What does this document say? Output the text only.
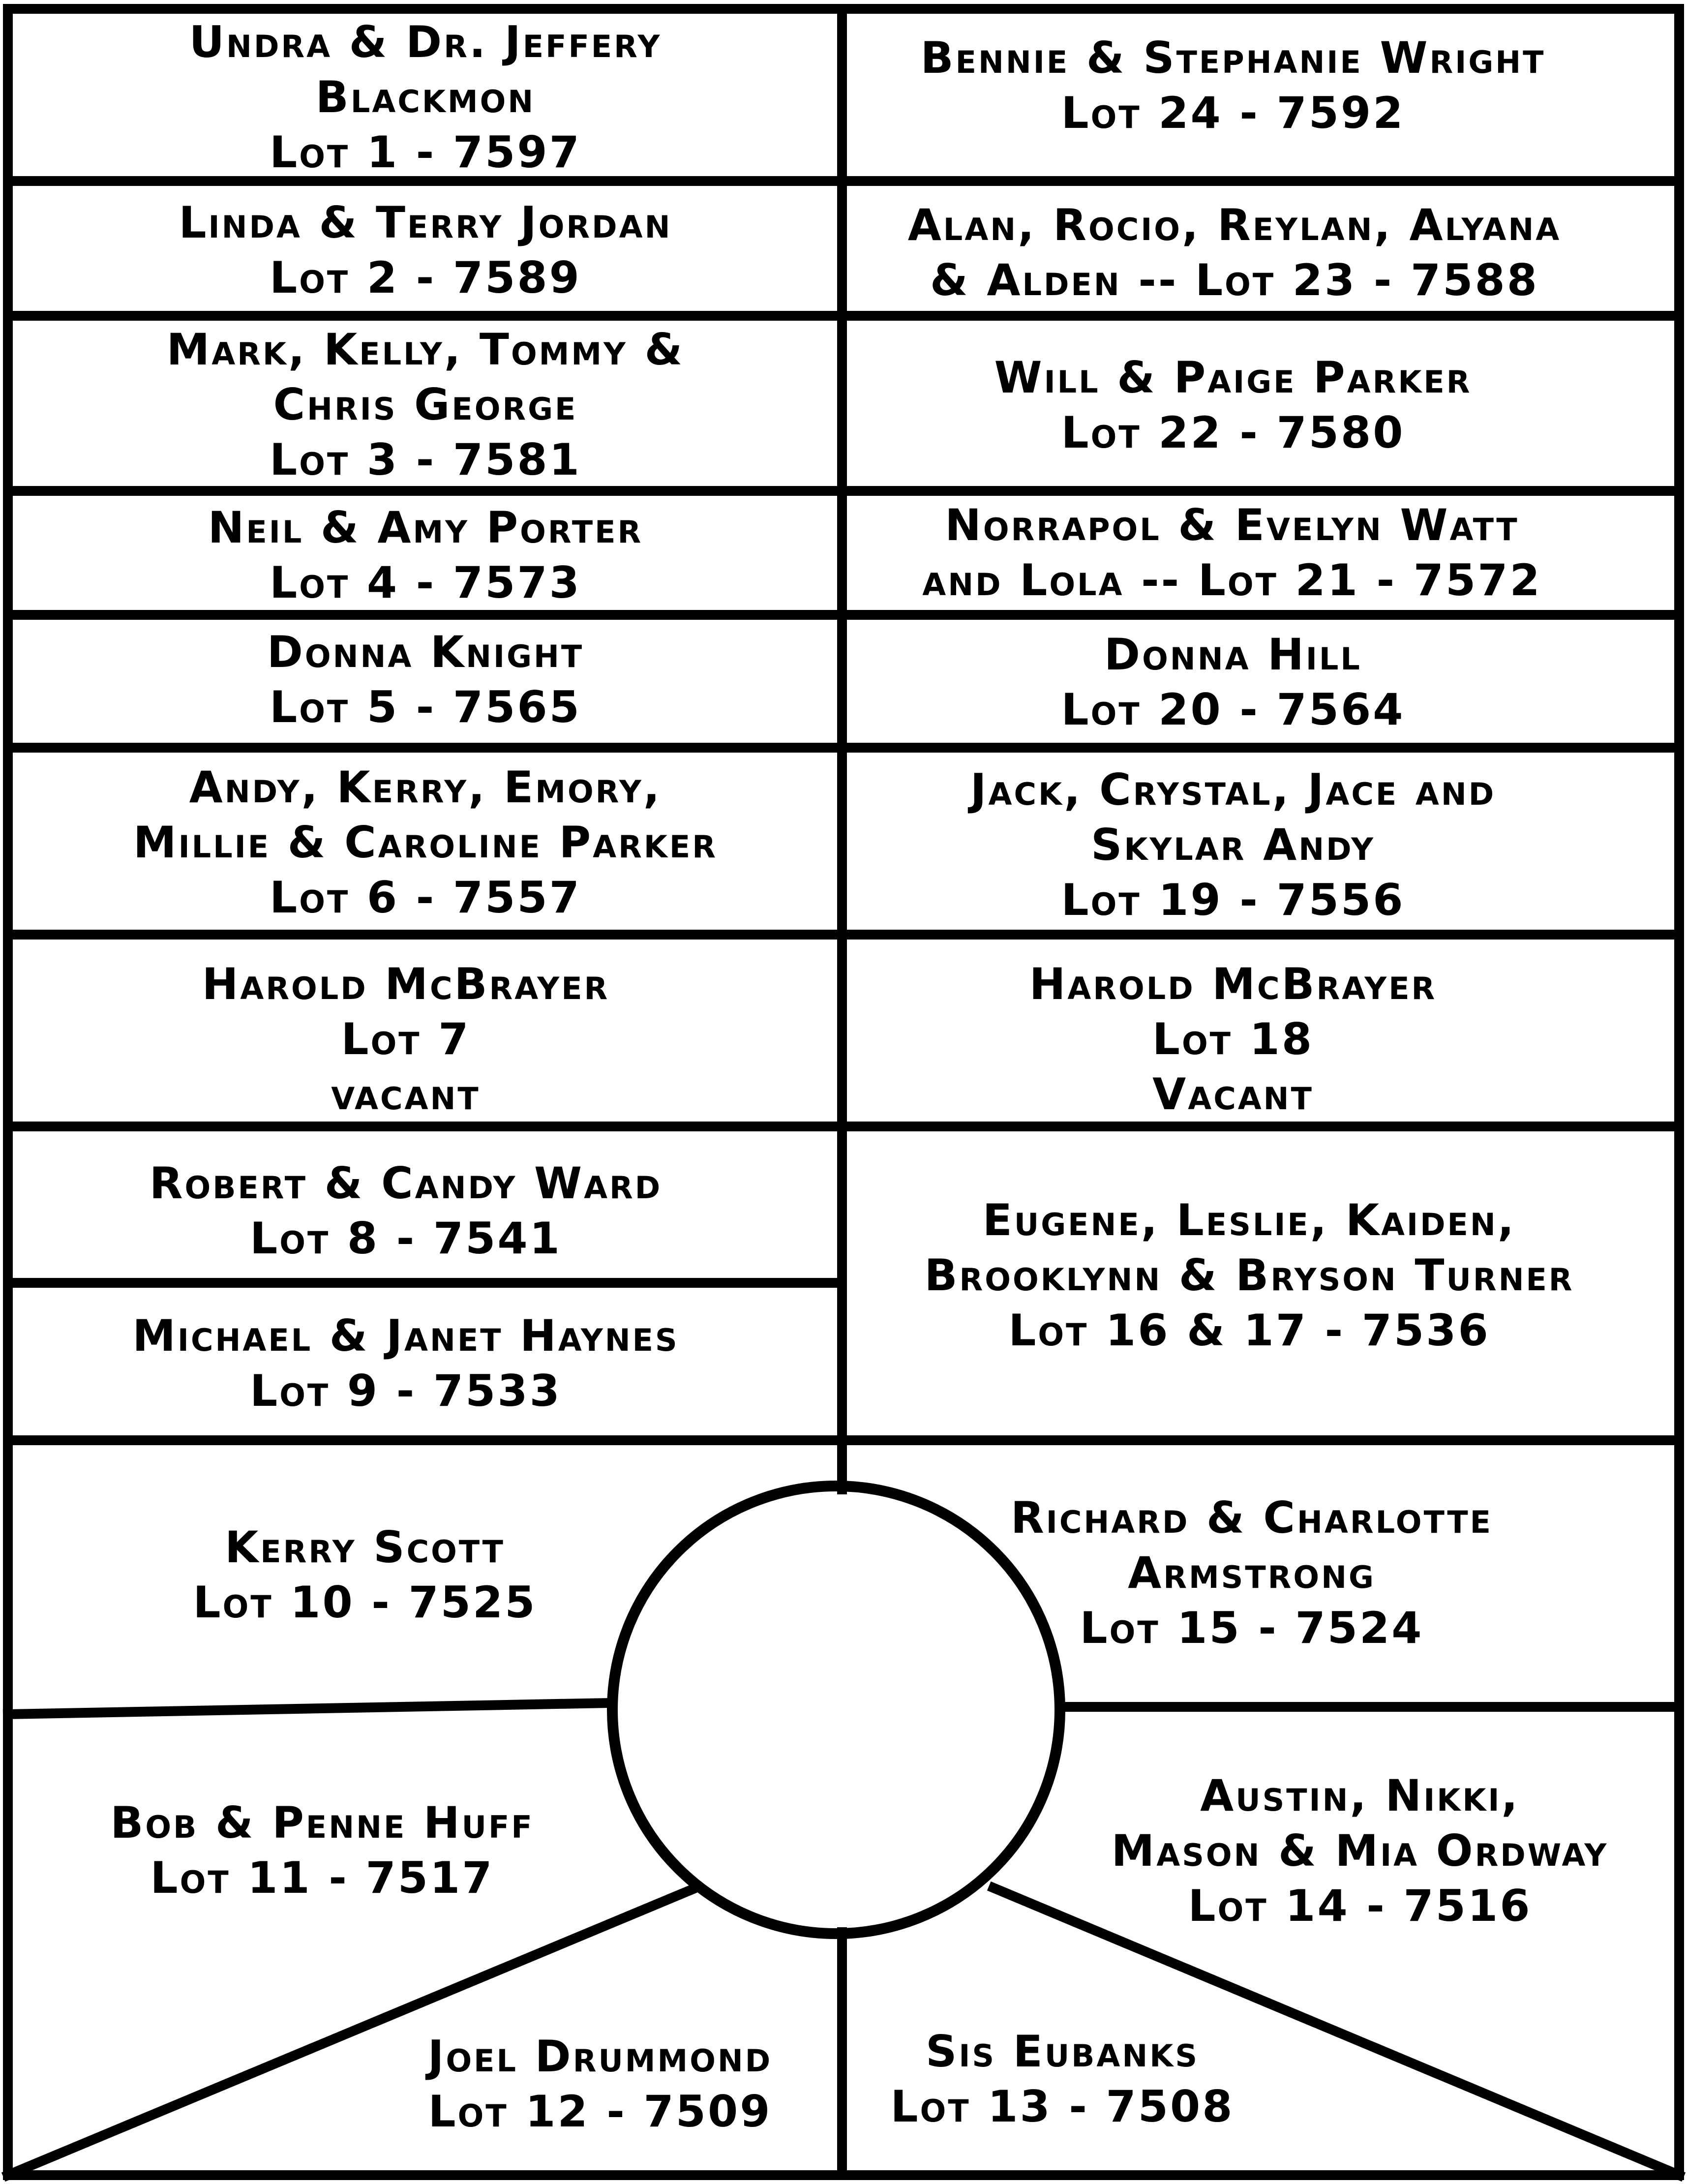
Undra & Dr. Jeffery
Blackmon
Lot 1 - 7597
Bennie & Stephanie Wright
Lot 24 - 7592
Linda & Terry Jordan
Lot 2 - 7589
Alan, Rocio, Reylan, Alyana
& Alden -- Lot 23 - 7588
Mark, Kelly, Tommy &
Chris George
Lot 3 - 7581
Will & Paige Parker
Lot 22 - 7580
Neil & Amy Porter
Lot 4 - 7573
Norrapol & Evelyn Watt
and Lola -- Lot 21 - 7572
Donna Knight
Lot 5 - 7565
Donna Hill
Lot 20 - 7564
Andy, Kerry, Emory,
Millie & Caroline Parker
Lot 6 - 7557
Jack, Crystal, Jace and
Skylar Andy
Lot 19 - 7556
Harold McBrayer
Lot 7
vacant
Harold McBrayer
Lot 18
Vacant
Robert & Candy Ward
Lot 8 - 7541
Michael & Janet Haynes
Lot 9 - 7533
Eugene, Leslie, Kaiden,
Brooklynn & Bryson Turner
Lot 16 & 17 - 7536
Kerry Scott
Lot 10 - 7525
Richard & Charlotte
Armstrong
Lot 15 - 7524
Bob & Penne Huff
Lot 11 - 7517
Austin, Nikki,
Mason & Mia Ordway
Lot 14 - 7516
Joel Drummond
Lot 12 - 7509
Sis Eubanks
Lot 13 - 7508
